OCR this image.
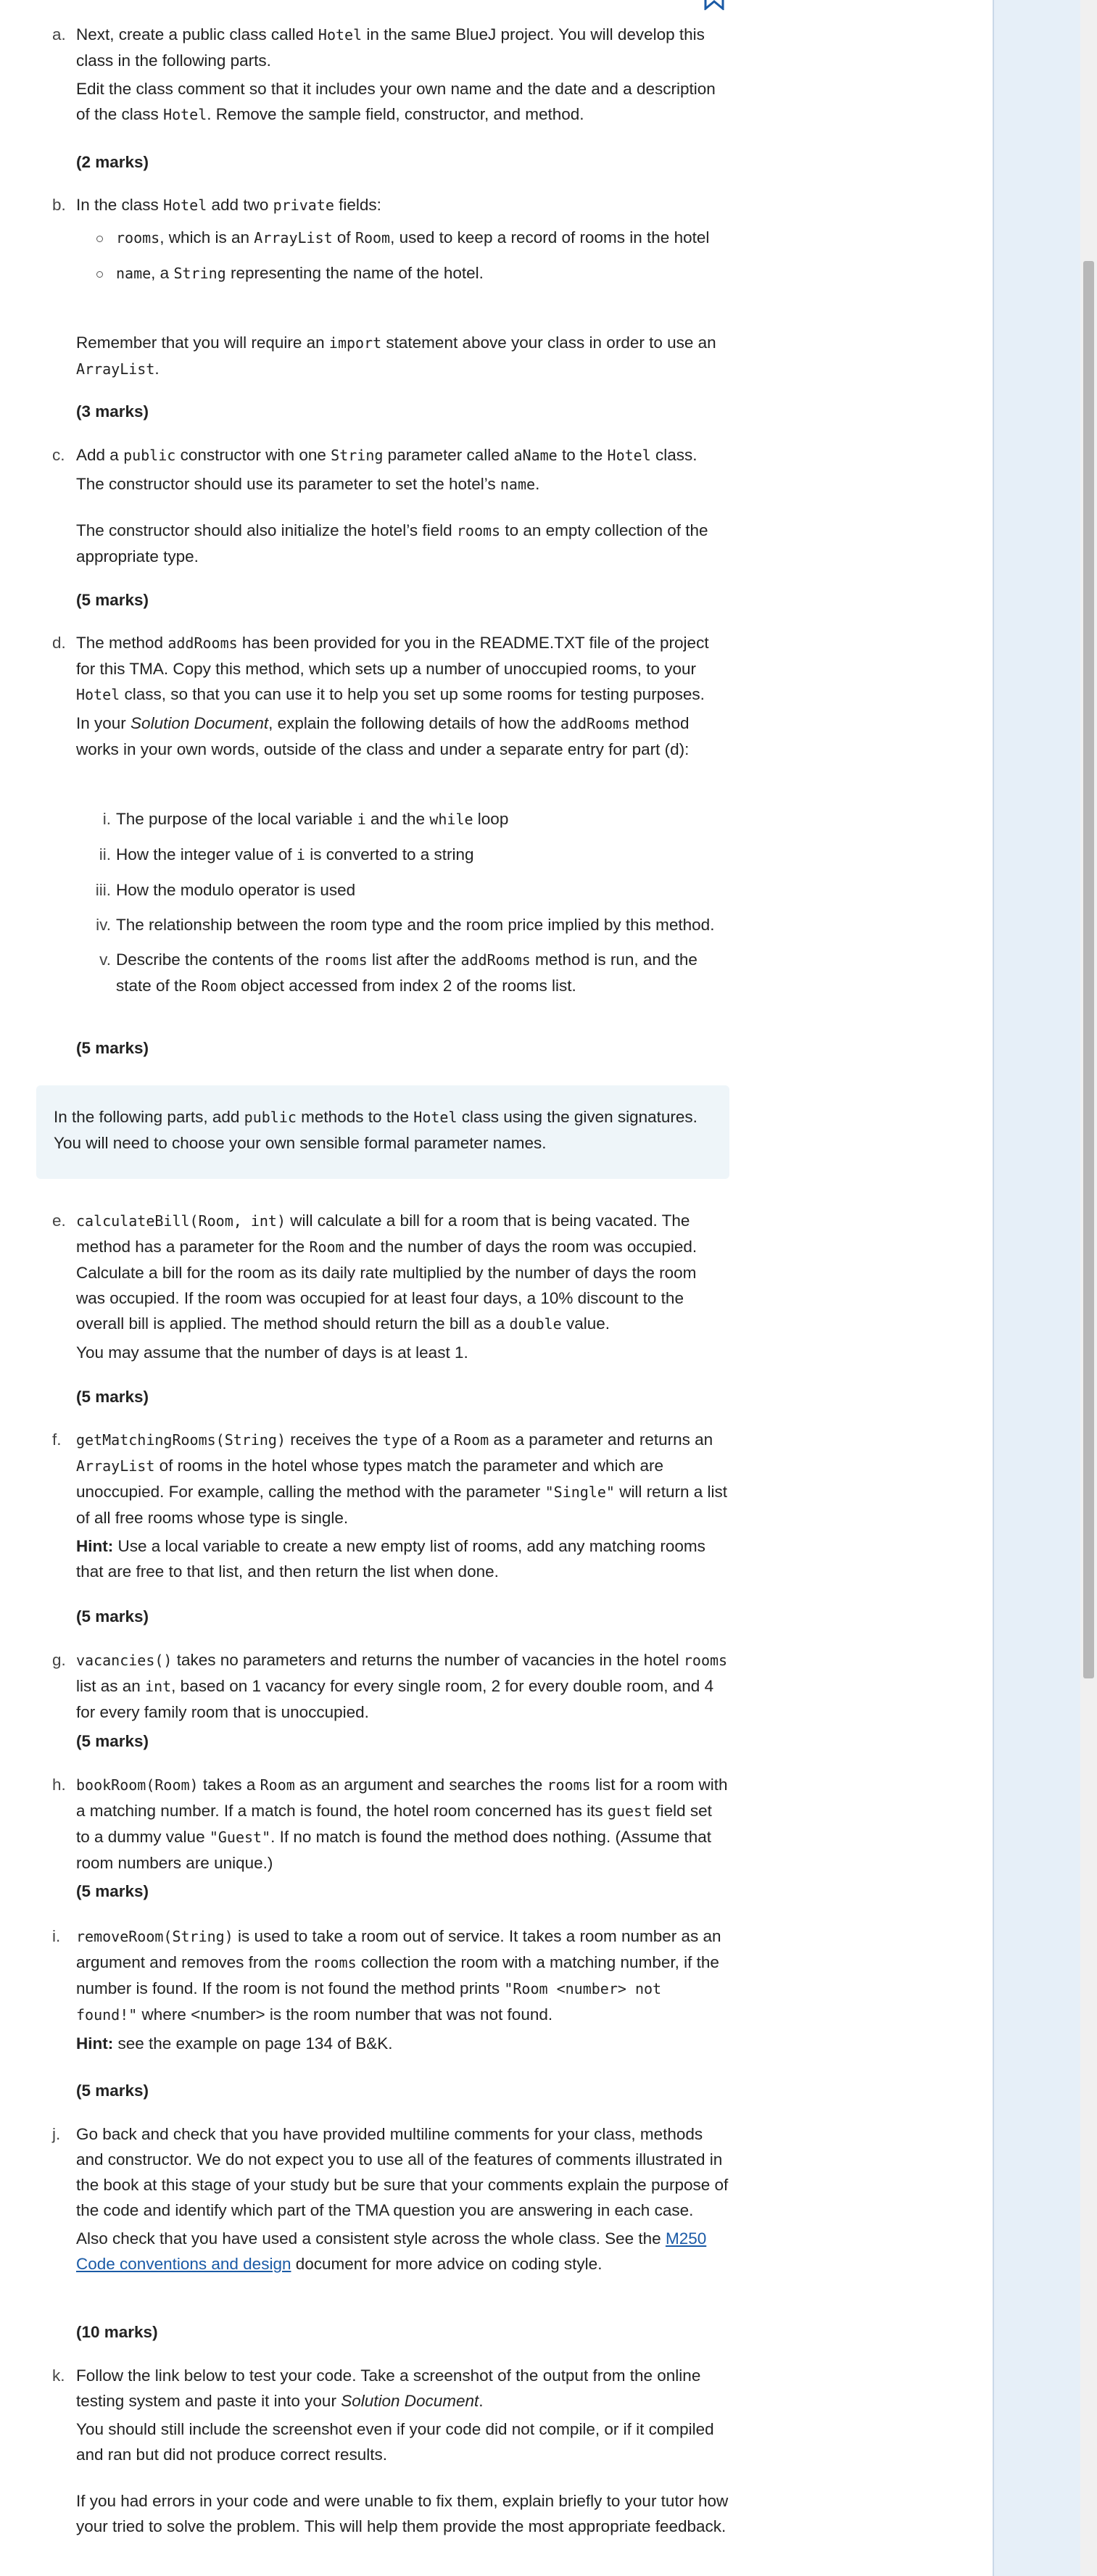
a. Next, create a public class called Hotel in the same BlueJ project. You will develop this class in the following parts.

Edit the class comment so that it includes your own name and the date and a description of the class Hotel. Remove the sample field, constructor, and method.

(2 marks)
b. In the class Hotel add two private fields:

rooms, which is an ArrayList of Room, used to keep a record of rooms in the hotel
name, a String representing the name of the hotel.

Remember that you will require an import statement above your class in order to use an ArrayList.

(3 marks)
c. Add a public constructor with one String parameter called aName to the Hotel class.

The constructor should use its parameter to set the hotel’s name.

The constructor should also initialize the hotel’s field rooms to an empty collection of the appropriate type.

(5 marks)
d. The method addRooms has been provided for you in the README.TXT file of the project for this TMA. Copy this method, which sets up a number of unoccupied rooms, to your Hotel class, so that you can use it to help you set up some rooms for testing purposes.

In your Solution Document, explain the following details of how the addRooms method works in your own words, outside of the class and under a separate entry for part (d):

i. The purpose of the local variable i and the while loop
ii. How the integer value of i is converted to a string
iii. How the modulo operator is used
iv. The relationship between the room type and the room price implied by this method.
v. Describe the contents of the rooms list after the addRooms method is run, and the state of the Room object accessed from index 2 of the rooms list.
(5 marks)

In the following parts, add public methods to the Hotel class using the given signatures. You will need to choose your own sensible formal parameter names.

e. calculateBill(Room, int) will calculate a bill for a room that is being vacated. The method has a parameter for the Room and the number of days the room was occupied. Calculate a bill for the room as its daily rate multiplied by the number of days the room was occupied. If the room was occupied for at least four days, a 10% discount to the overall bill is applied. The method should return the bill as a double value.

You may assume that the number of days is at least 1.

(5 marks)
f.	getMatchingRooms(String) receives the type of a Room as a parameter and returns an ArrayList of rooms in the hotel whose types match the parameter and which are unoccupied. For example, calling the method with the parameter "Single" will return a list of all free rooms whose type is single.

Hint: Use a local variable to create a new empty list of rooms, add any matching rooms that are free to that list, and then return the list when done.

(5 marks)
g. vacancies() takes no parameters and returns the number of vacancies in the hotel rooms list as an int, based on 1 vacancy for every single room, 2 for every double room, and 4 for every family room that is unoccupied.

(5 marks)
h. bookRoom(Room) takes a Room as an argument and searches the rooms list for a room with a matching number. If a match is found, the hotel room concerned has its guest field set to a dummy value "Guest". If no match is found the method does nothing. (Assume that room numbers are unique.)

(5 marks)
i.	removeRoom(String) is used to take a room out of service. It takes a room number as an argument and removes from the rooms collection the room with a matching number, if the number is found. If the room is not found the method prints "Room <number> not found!" where <number> is the room number that was not found.

Hint: see the example on page 134 of B&K.

(5 marks)
j. Go back and check that you have provided multiline comments for your class, methods and constructor. We do not expect you to use all of the features of comments illustrated in the book at this stage of your study but be sure that your comments explain the purpose of the code and identify which part of the TMA question you are answering in each case.

Also check that you have used a consistent style across the whole class. See the M250 Code conventions and design document for more advice on coding style.

(10 marks)
k. Follow the link below to test your code. Take a screenshot of the output from the online testing system and paste it into your Solution Document.

You should still include the screenshot even if your code did not compile, or if it compiled and ran but did not produce correct results.

If you had errors in your code and were unable to fix them, explain briefly to your tutor how your tried to solve the problem. This will help them provide the most appropriate feedback.
